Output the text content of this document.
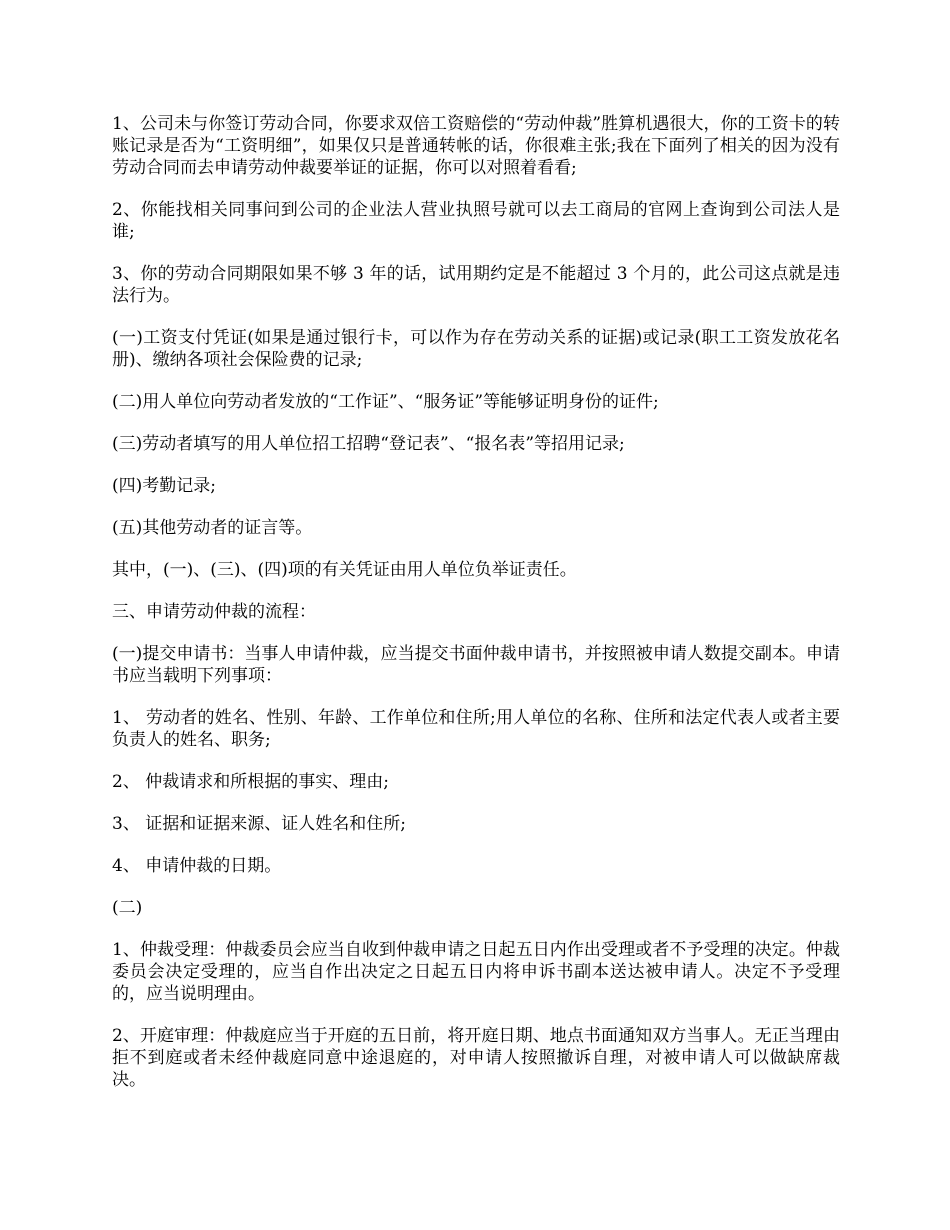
1、公司未与你签订劳动合同，你要求双倍工资赔偿的“劳动仲裁”胜算机遇很大，你的工资卡的转账记录是否为“工资明细”，如果仅只是普通转帐的话，你很难主张;我在下面列了相关的因为没有劳动合同而去申请劳动仲裁要举证的证据，你可以对照着看看;

2、你能找相关同事问到公司的企业法人营业执照号就可以去工商局的官网上查询到公司法人是谁;

3、你的劳动合同期限如果不够 3 年的话，试用期约定是不能超过 3 个月的，此公司这点就是违法行为。

(一)工资支付凭证(如果是通过银行卡，可以作为存在劳动关系的证据)或记录(职工工资发放花名册)、缴纳各项社会保险费的记录;

(二)用人单位向劳动者发放的“工作证”、“服务证”等能够证明身份的证件;

(三)劳动者填写的用人单位招工招聘“登记表”、“报名表”等招用记录;

(四)考勤记录;

(五)其他劳动者的证言等。

其中，(一)、(三)、(四)项的有关凭证由用人单位负举证责任。

三、申请劳动仲裁的流程：

(一)提交申请书：当事人申请仲裁，应当提交书面仲裁申请书，并按照被申请人数提交副本。申请书应当载明下列事项：

1、 劳动者的姓名、性别、年龄、工作单位和住所;用人单位的名称、住所和法定代表人或者主要负责人的姓名、职务;

2、 仲裁请求和所根据的事实、理由;

3、 证据和证据来源、证人姓名和住所;

4、 申请仲裁的日期。

(二)

1、仲裁受理：仲裁委员会应当自收到仲裁申请之日起五日内作出受理或者不予受理的决定。仲裁委员会决定受理的，应当自作出决定之日起五日内将申诉书副本送达被申请人。决定不予受理的，应当说明理由。

2、开庭审理：仲裁庭应当于开庭的五日前，将开庭日期、地点书面通知双方当事人。无正当理由拒不到庭或者未经仲裁庭同意中途退庭的，对申请人按照撤诉自理，对被申请人可以做缺席裁决。
